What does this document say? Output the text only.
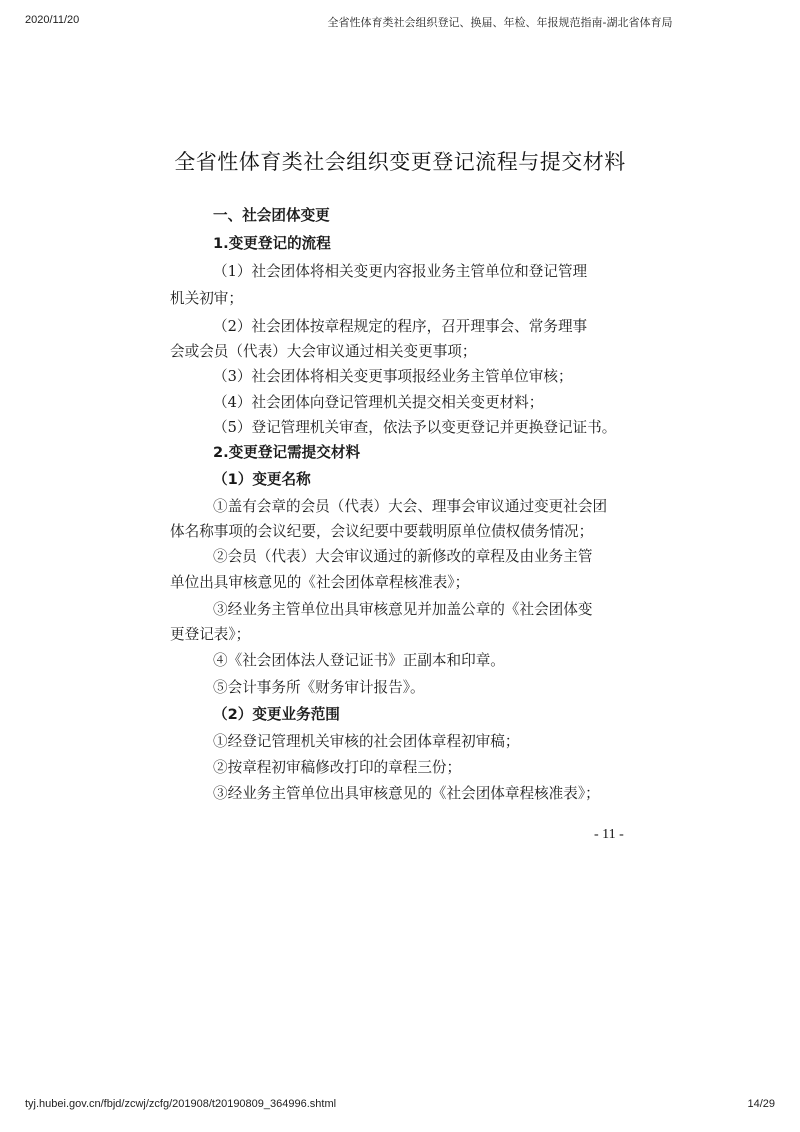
2020/11/20	全省性体育类社会组织登记、换届、年检、年报规范指南-湖北省体育局
全省性体育类社会组织变更登记流程与提交材料
一、社会团体变更
1.变更登记的流程
（1）社会团体将相关变更内容报业务主管单位和登记管理
机关初审；
（2）社会团体按章程规定的程序，召开理事会、常务理事
会或会员（代表）大会审议通过相关变更事项；
（3）社会团体将相关变更事项报经业务主管单位审核；
（4）社会团体向登记管理机关提交相关变更材料；
（5）登记管理机关审查，依法予以变更登记并更换登记证书。
2.变更登记需提交材料
（1）变更名称
①盖有会章的会员（代表）大会、理事会审议通过变更社会团
体名称事项的会议纪要，会议纪要中要载明原单位债权债务情况；
②会员（代表）大会审议通过的新修改的章程及由业务主管
单位出具审核意见的《社会团体章程核准表》；
③经业务主管单位出具审核意见并加盖公章的《社会团体变
更登记表》；
④《社会团体法人登记证书》正副本和印章。
⑤会计事务所《财务审计报告》。
（2）变更业务范围
①经登记管理机关审核的社会团体章程初审稿；
②按章程初审稿修改打印的章程三份；
③经业务主管单位出具审核意见的《社会团体章程核准表》；
- 11 -
tyj.hubei.gov.cn/fbjd/zcwj/zcfg/201908/t20190809_364996.shtml	14/29
